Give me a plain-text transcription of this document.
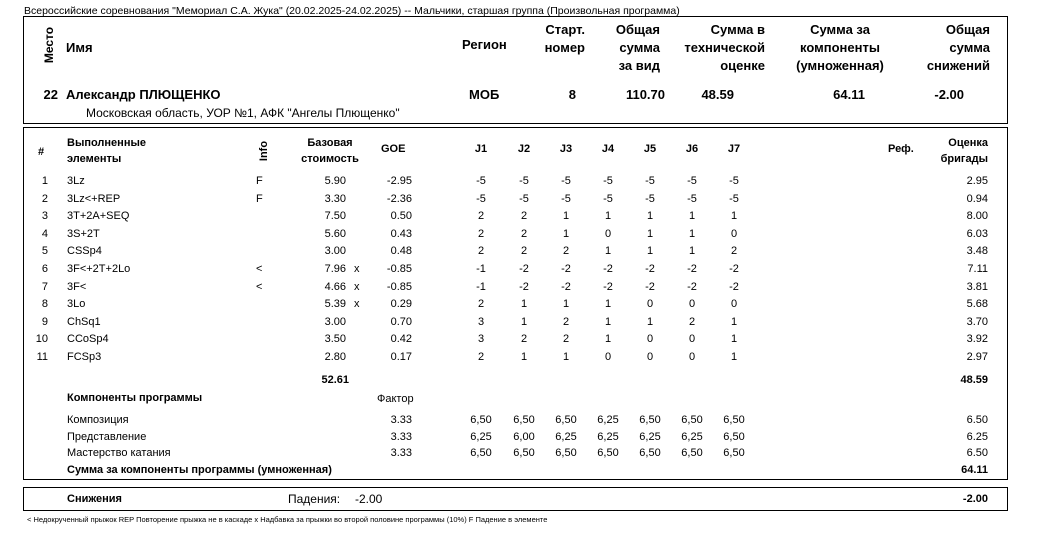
Всероссийские соревнования "Мемориал С.А. Жука" (20.02.2025-24.02.2025) -- Мальчики, старшая группа (Произвольная программа)
Место Имя	Регион
Старт.
номер
Общая
сумма
за вид
Сумма в
технической
оценке
Сумма за
компоненты
(умноженная)
Общая
сумма
снижений
22 Александр ПЛЮЩЕНКО	МОБ	8	110.70	48.59	64.11	-2.00
Московская область, УОР №1, АФК "Ангелы Плющенко"
#
Выполненные
элементы	Info	Базовая
стоимость
GOE	J1	J2	J3	J4	J5	J6	J7	Реф.	Оценка
бригады
1 3Lz	F	5.90	-2.95	-5	-5	-5	-5	-5	-5	-5	2.95
2 3Lz<+REP	F	3.30	-2.36	-5	-5	-5	-5	-5	-5	-5	0.94
3 3T+2A+SEQ	7.50	0.50	2	2	1	1	1	1	1	8.00
4 3S+2T	5.60	0.43	2	2	1	0	1	1	0	6.03
5 CSSp4	3.00	0.48	2	2	2	1	1	1	2	3.48
6 3F<+2T+2Lo	<	7.96 x	-0.85	-1	-2	-2	-2	-2	-2	-2	7.11
7 3F<	<	4.66 x	-0.85	-1	-2	-2	-2	-2	-2	-2	3.81
8 3Lo	5.39 x	0.29	2	1	1	1	0	0	0	5.68
9 ChSq1	3.00	0.70	3	1	2	1	1	2	1	3.70
10 CCoSp4	3.50	0.42	3	2	2	1	0	0	1	3.92
11 FCSp3	2.80	0.17	2	1	1	0	0	0	1	2.97
52.61	48.59
Компоненты программы	Фактор
Композиция	3.33	6,50	6,50	6,50	6,25	6,50	6,50	6,50	6.50
Представление	3.33	6,25	6,00	6,25	6,25	6,25	6,25	6,50	6.25
Мастерство катания	3.33	6,50	6,50	6,50	6,50	6,50	6,50	6,50	6.50
Сумма за компоненты программы (умноженная)	64.11
Снижения	Падения: -2.00	-2.00
< Недокрученный прыжок REP Повторение прыжка не в каскаде x Надбавка за прыжки во второй половине программы (10%) F Падение в элементе
